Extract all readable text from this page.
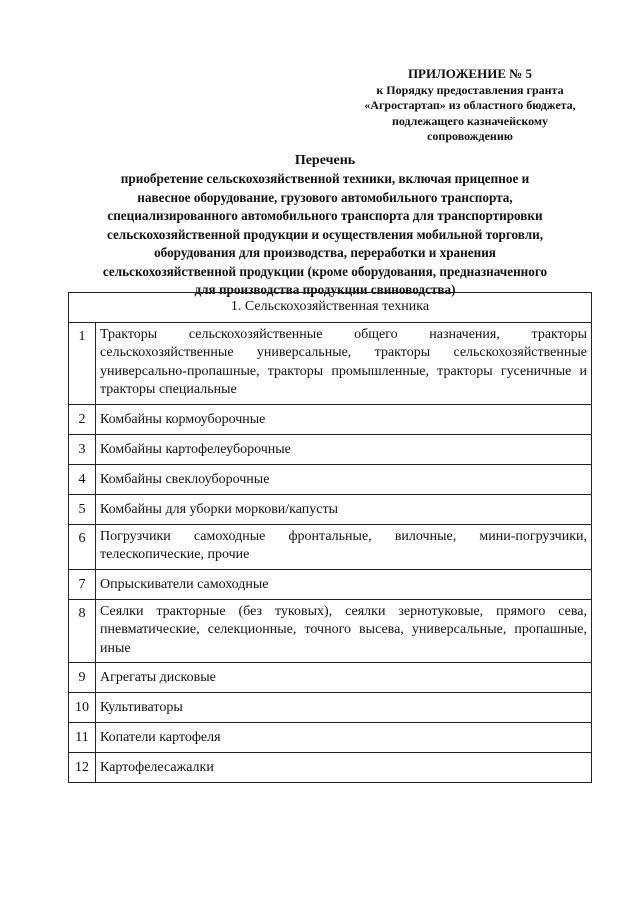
ПРИЛОЖЕНИЕ № 5
к Порядку предоставления гранта
«Агростартап» из областного бюджета,
подлежащего казначейскому
сопровождению
Перечень
приобретение сельскохозяйственной техники, включая прицепное и
навесное оборудование, грузового автомобильного транспорта,
специализированного автомобильного транспорта для транспортировки
сельскохозяйственной продукции и осуществления мобильной торговли,
оборудования для производства, переработки и хранения
сельскохозяйственной продукции (кроме оборудования, предназначенного
для производства продукции свиноводства)
1. Сельскохозяйственная техника	
1	Тракторы сельскохозяйственные общего назначения, тракторы сельскохозяйственные универсальные, тракторы сельскохозяйственные универсально-пропашные, тракторы промышленные, тракторы гусеничные и тракторы специальные
2	Комбайны кормоуборочные
3	Комбайны картофелеуборочные
4	Комбайны свеклоуборочные
5	Комбайны для уборки моркови/капусты
6	Погрузчики самоходные фронтальные, вилочные, мини-погрузчики, телескопические, прочие
7	Опрыскиватели самоходные
8	Сеялки тракторные (без туковых), сеялки зернотуковые, прямого сева, пневматические, селекционные, точного высева, универсальные, пропашные, иные
9	Агрегаты дисковые
10	Культиваторы
11	Копатели картофеля
12	Картофелесажалки
